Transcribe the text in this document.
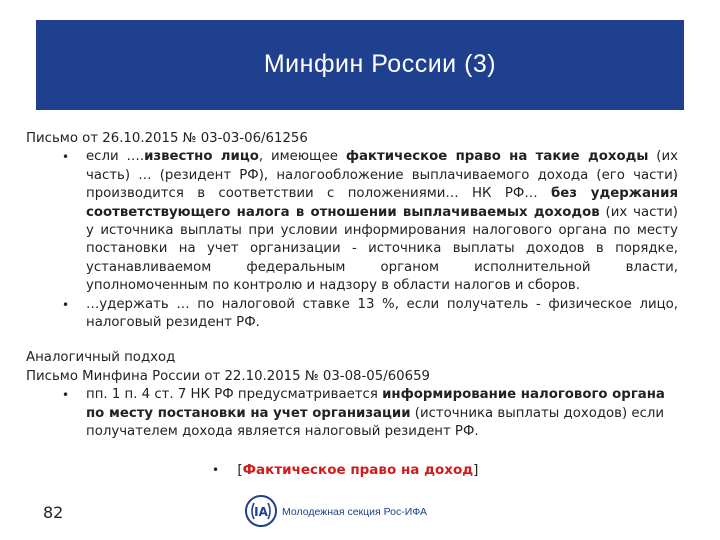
Минфин России (3)

Письмо от 26.10.2015 № 03-03-06/61256

• если ….известно лицо, имеющее фактическое право на такие доходы (их часть) … (резидент РФ), налогообложение выплачиваемого дохода (его части) производится в соответствии с положениями… НК РФ… без удержания соответствующего налога в отношении выплачиваемых доходов (их части) у источника выплаты при условии информирования налогового органа по месту постановки на учет организации - источника выплаты доходов в порядке, устанавливаемом федеральным органом исполнительной власти, уполномоченным по контролю и надзору в области налогов и сборов.
• …удержать … по налоговой ставке 13 %, если получатель - физическое лицо, налоговый резидент РФ.

Аналогичный подход

Письмо Минфина России от 22.10.2015 № 03-08-05/60659

• пп. 1 п. 4 ст. 7 НК РФ предусматривается информирование налогового органа по месту постановки на учет организации (источника выплаты доходов) если получателем дохода является налоговый резидент РФ.
• [Фактическое право на доход]
82	IA Молодежная секция Рос-ИФА
